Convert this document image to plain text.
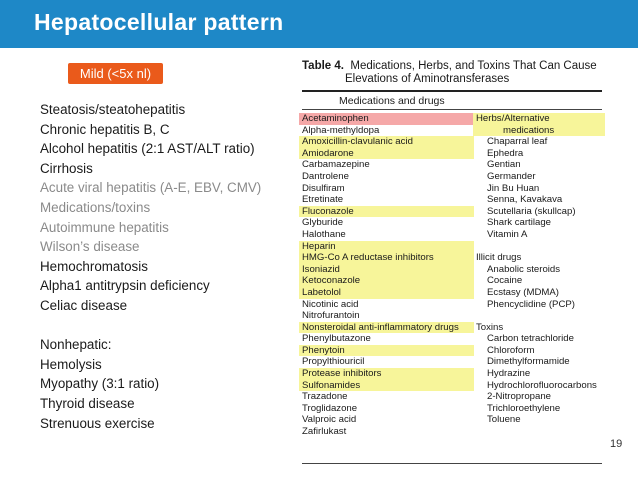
Hepatocellular pattern
Mild (<5x nl)
Steatosis/steatohepatitis
Chronic hepatitis B, C
Alcohol hepatitis (2:1 AST/ALT ratio)
Cirrhosis
Acute viral hepatitis (A-E, EBV, CMV)
Medications/toxins
Autoimmune hepatitis
Wilson’s disease
Hemochromatosis
Alpha1 antitrypsin deficiency
Celiac disease
Nonhepatic:
Hemolysis
Myopathy (3:1 ratio)
Thyroid disease
Strenuous exercise
Table 4. Medications, Herbs, and Toxins That Can Cause
Elevations of Aminotransferases
Medications and drugs
Acetaminophen
Alpha-methyldopa
Amoxicillin-clavulanic acid
Amiodarone
Carbamazepine
Dantrolene
Disulfiram
Etretinate
Fluconazole
Glyburide
Halothane
Heparin
HMG-Co A reductase inhibitors
Isoniazid
Ketoconazole
Labetolol
Nicotinic acid
Nitrofurantoin
Nonsteroidal anti-inflammatory drugs
Phenylbutazone
Phenytoin
Propylthiouricil
Protease inhibitors
Sulfonamides
Trazadone
Troglidazone
Valproic acid
Zafirlukast
Herbs/Alternative
medications
Chaparral leaf
Ephedra
Gentian
Germander
Jin Bu Huan
Senna, Kavakava
Scutellaria (skullcap)
Shark cartilage
Vitamin A
Illicit drugs
Anabolic steroids
Cocaine
Ecstasy (MDMA)
Phencyclidine (PCP)
Toxins
Carbon tetrachloride
Chloroform
Dimethylformamide
Hydrazine
Hydrochlorofluorocarbons
2-Nitropropane
Trichloroethylene
Toluene
19
